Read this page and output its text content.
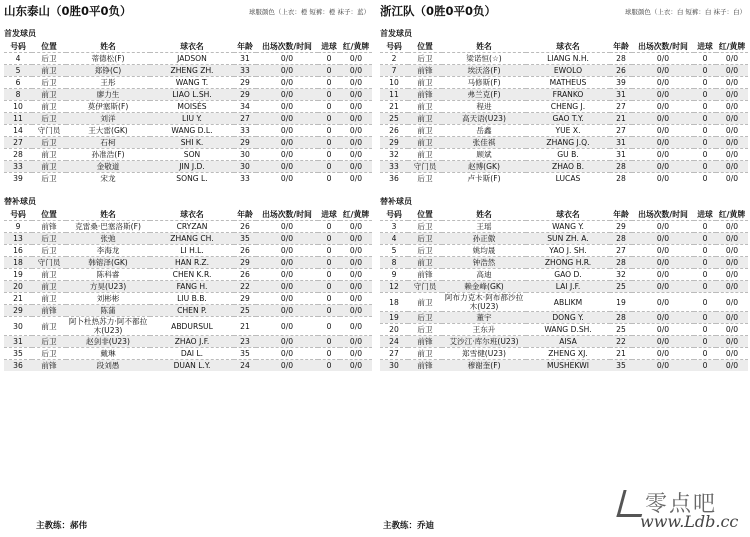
山东泰山（0胜0平0负）	球服颜色（上衣：橙 短裤：橙 袜子：蓝）
首发球员
号码	位置	姓名	球衣名	年龄	出场次数/时间	进球	红/黄牌
4	后卫	蒂德松(F)	JADSON	31	0/0	0	0/0
5	前卫	郑铮(C)	ZHENG ZH.	33	0/0	0	0/0
6	后卫	王彤	WANG T.	29	0/0	0	0/0
8	前卫	廖力生	LIAO L.SH.	29	0/0	0	0/0
10	前卫	莫伊塞斯(F)	MOISÉS	34	0/0	0	0/0
11	后卫	刘洋	LIU Y.	27	0/0	0	0/0
14	守门员	王大雷(GK)	WANG D.L.	33	0/0	0	0/0
27	后卫	石柯	SHI K.	29	0/0	0	0/0
28	前卫	孙准浩(F)	SON	30	0/0	0	0/0
33	前卫	金敬道	JIN J.D.	30	0/0	0	0/0
39	后卫	宋龙	SONG L.	33	0/0	0	0/0
替补球员
号码	位置	姓名	球衣名	年龄	出场次数/时间	进球	红/黄牌
9	前锋	克雷桑·巴塞洛斯(F)	CRYZAN	26	0/0	0	0/0
13	后卫	张弛	ZHANG CH.	35	0/0	0	0/0
16	后卫	李海龙	LI H.L.	26	0/0	0	0/0
18	守门员	韩镕泽(GK)	HAN R.Z.	29	0/0	0	0/0
19	前卫	陈科睿	CHEN K.R.	26	0/0	0	0/0
20	前卫	方昊(U23)	FANG H.	22	0/0	0	0/0
21	前卫	刘彬彬	LIU B.B.	29	0/0	0	0/0
29	前锋	陈蒲	CHEN P.	25	0/0	0	0/0
30	前卫	阿卜杜热苏力·阿不都拉木(U23)	ABDURSUL	21	0/0	0	0/0
31	后卫	赵剑非(U23)	ZHAO J.F.	23	0/0	0	0/0
35	后卫	戴琳	DAI L.	35	0/0	0	0/0
36	前锋	段刘愚	DUAN L.Y.	24	0/0	0	0/0
浙江队（0胜0平0负）	球服颜色（上衣：白 短裤：白 袜子：白）
首发球员
号码	位置	姓名	球衣名	年龄	出场次数/时间	进球	红/黄牌
2	后卫	梁诺恒(☆)	LIANG N.H.	28	0/0	0	0/0
7	前锋	埃沃洛(F)	EWOLO	26	0/0	0	0/0
10	前卫	马修斯(F)	MATHEUS	39	0/0	0	0/0
11	前锋	弗兰克(F)	FRANKO	31	0/0	0	0/0
21	前卫	程进	CHENG J.	27	0/0	0	0/0
25	前卫	高天语(U23)	GAO T.Y.	21	0/0	0	0/0
26	前卫	岳鑫	YUE X.	27	0/0	0	0/0
29	前卫	张佳祺	ZHANG J.Q.	31	0/0	0	0/0
32	前卫	顾斌	GU B.	31	0/0	0	0/0
33	守门员	赵博(GK)	ZHAO B.	28	0/0	0	0/0
36	后卫	卢卡斯(F)	LUCAS	28	0/0	0	0/0
替补球员
号码	位置	姓名	球衣名	年龄	出场次数/时间	进球	红/黄牌
3	后卫	王瑶	WANG Y.	29	0/0	0	0/0
4	后卫	孙正傲	SUN ZH. A.	28	0/0	0	0/0
5	后卫	姚均晟	YAO J. SH.	27	0/0	0	0/0
8	前卫	钟浩然	ZHONG H.R.	28	0/0	0	0/0
9	前锋	高迪	GAO D.	32	0/0	0	0/0
12	守门员	赖金峰(GK)	LAI J.F.	25	0/0	0	0/0
18	前卫	阿布力克木·阿布都沙拉木(U23)	ABLIKM	19	0/0	0	0/0
19	后卫	董宇	DONG Y.	28	0/0	0	0/0
20	后卫	王东升	WANG D.SH.	25	0/0	0	0/0
24	前锋	艾沙江·库尔班(U23)	AISA	22	0/0	0	0/0
27	前卫	郑雪健(U23)	ZHENG XJ.	21	0/0	0	0/0
30	前锋	穆谢奎(F)	MUSHEKWI	35	0/0	0	0/0
主教练：郝伟	主教练：乔迪
零点吧
www.Ldb.cc
